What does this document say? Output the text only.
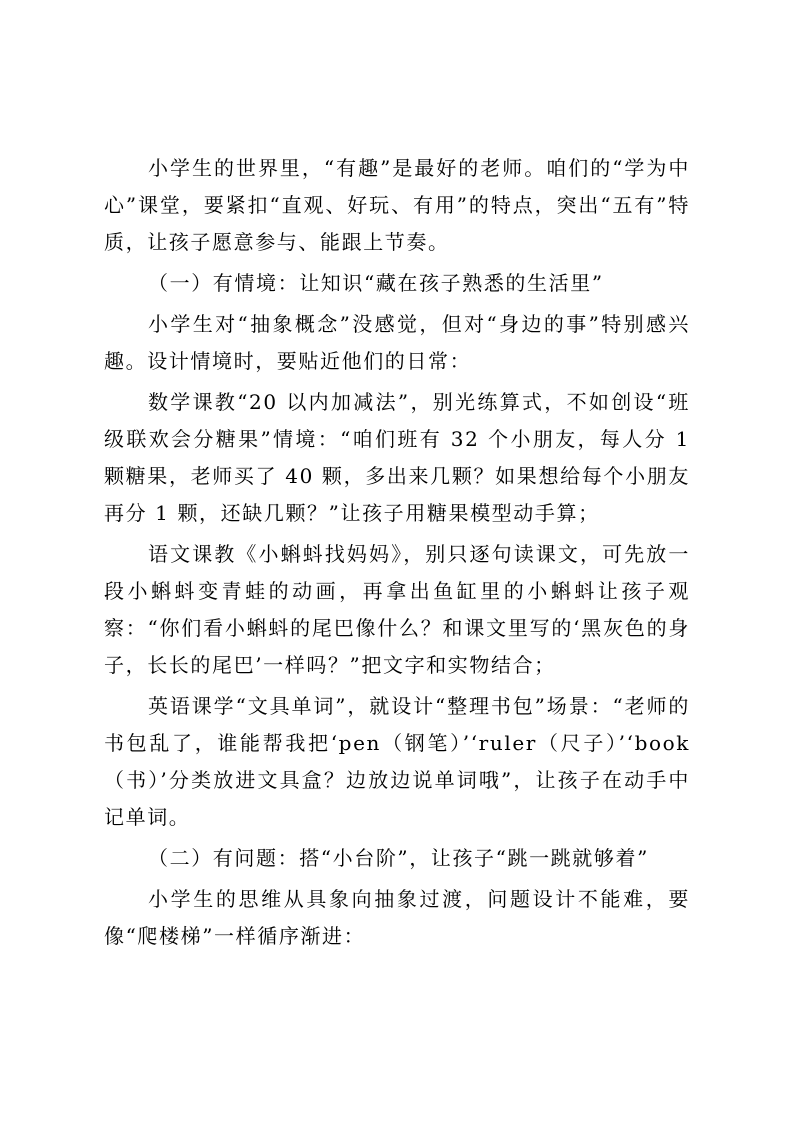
小学生的世界里，“有趣”是最好的老师。咱们的“学为中心”课堂，要紧扣“直观、好玩、有用”的特点，突出“五有”特质，让孩子愿意参与、能跟上节奏。

（一）有情境：让知识“藏在孩子熟悉的生活里”

小学生对“抽象概念”没感觉，但对“身边的事”特别感兴趣。设计情境时，要贴近他们的日常：

数学课教“20 以内加减法”，别光练算式，不如创设“班级联欢会分糖果”情境：“咱们班有 32 个小朋友，每人分 1 颗糖果，老师买了 40 颗，多出来几颗？如果想给每个小朋友再分 1 颗，还缺几颗？”让孩子用糖果模型动手算；

语文课教《小蝌蚪找妈妈》，别只逐句读课文，可先放一段小蝌蚪变青蛙的动画，再拿出鱼缸里的小蝌蚪让孩子观察：“你们看小蝌蚪的尾巴像什么？和课文里写的‘黑灰色的身子，长长的尾巴’一样吗？”把文字和实物结合；

英语课学“文具单词”，就设计“整理书包”场景：“老师的书包乱了，谁能帮我把‘pen（钢笔）’‘ruler（尺子）’‘book（书）’分类放进文具盒？边放边说单词哦”，让孩子在动手中记单词。

（二）有问题：搭“小台阶”，让孩子“跳一跳就够着”

小学生的思维从具象向抽象过渡，问题设计不能难，要像“爬楼梯”一样循序渐进：
